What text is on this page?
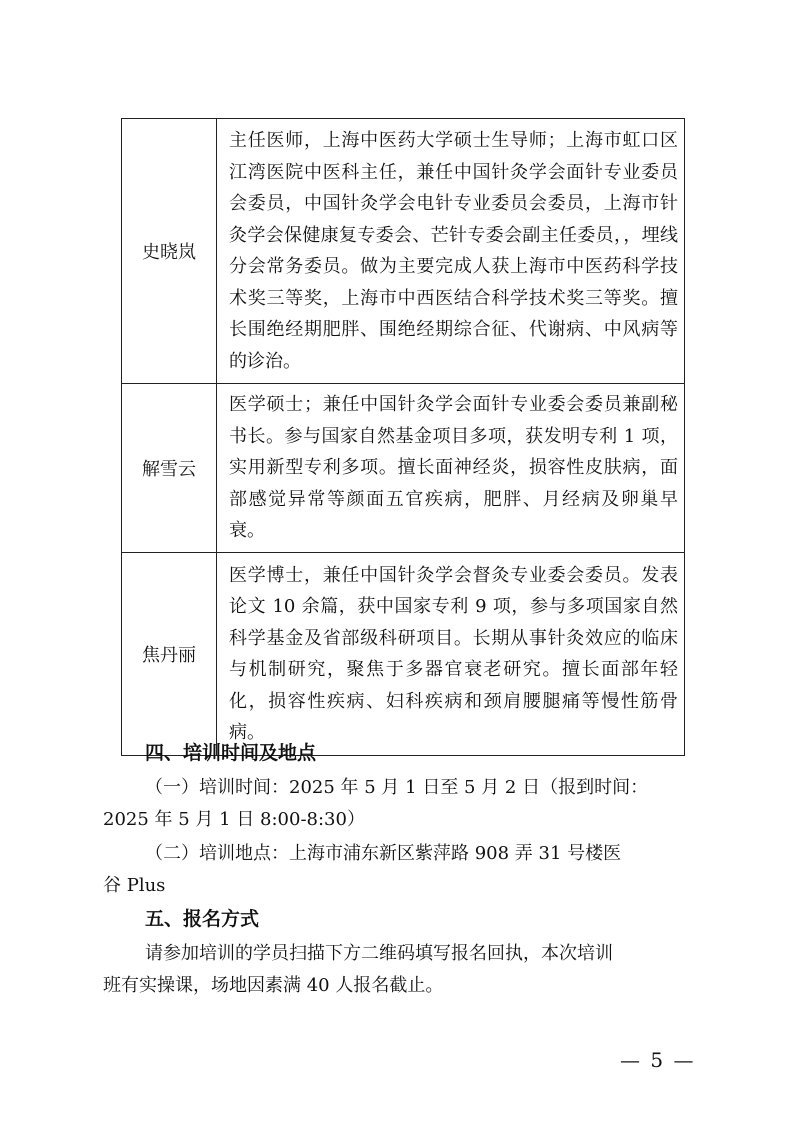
史晓岚	主任医师，上海中医药大学硕士生导师；上海市虹口区江湾医院中医科主任，兼任中国针灸学会面针专业委员会委员，中国针灸学会电针专业委员会委员，上海市针灸学会保健康复专委会、芒针专委会副主任委员，，埋线分会常务委员。做为主要完成人获上海市中医药科学技术奖三等奖，上海市中西医结合科学技术奖三等奖。擅长围绝经期肥胖、围绝经期综合征、代谢病、中风病等的诊治。
解雪云	医学硕士；兼任中国针灸学会面针专业委会委员兼副秘书长。参与国家自然基金项目多项，获发明专利 1 项，实用新型专利多项。擅长面神经炎，损容性皮肤病，面部感觉异常等颜面五官疾病，肥胖、月经病及卵巢早衰。
焦丹丽	医学博士，兼任中国针灸学会督灸专业委会委员。发表论文 10 余篇，获中国家专利 9 项，参与多项国家自然科学基金及省部级科研项目。长期从事针灸效应的临床与机制研究，聚焦于多器官衰老研究。擅长面部年轻化，损容性疾病、妇科疾病和颈肩腰腿痛等慢性筋骨病。
四、培训时间及地点
（一）培训时间：2025 年 5 月 1 日至 5 月 2 日（报到时间：
2025 年 5 月 1 日 8:00-8:30）
（二）培训地点：上海市浦东新区紫萍路 908 弄 31 号楼医
谷 Plus
五、报名方式
请参加培训的学员扫描下方二维码填写报名回执，本次培训
班有实操课，场地因素满 40 人报名截止。
— 5 —
